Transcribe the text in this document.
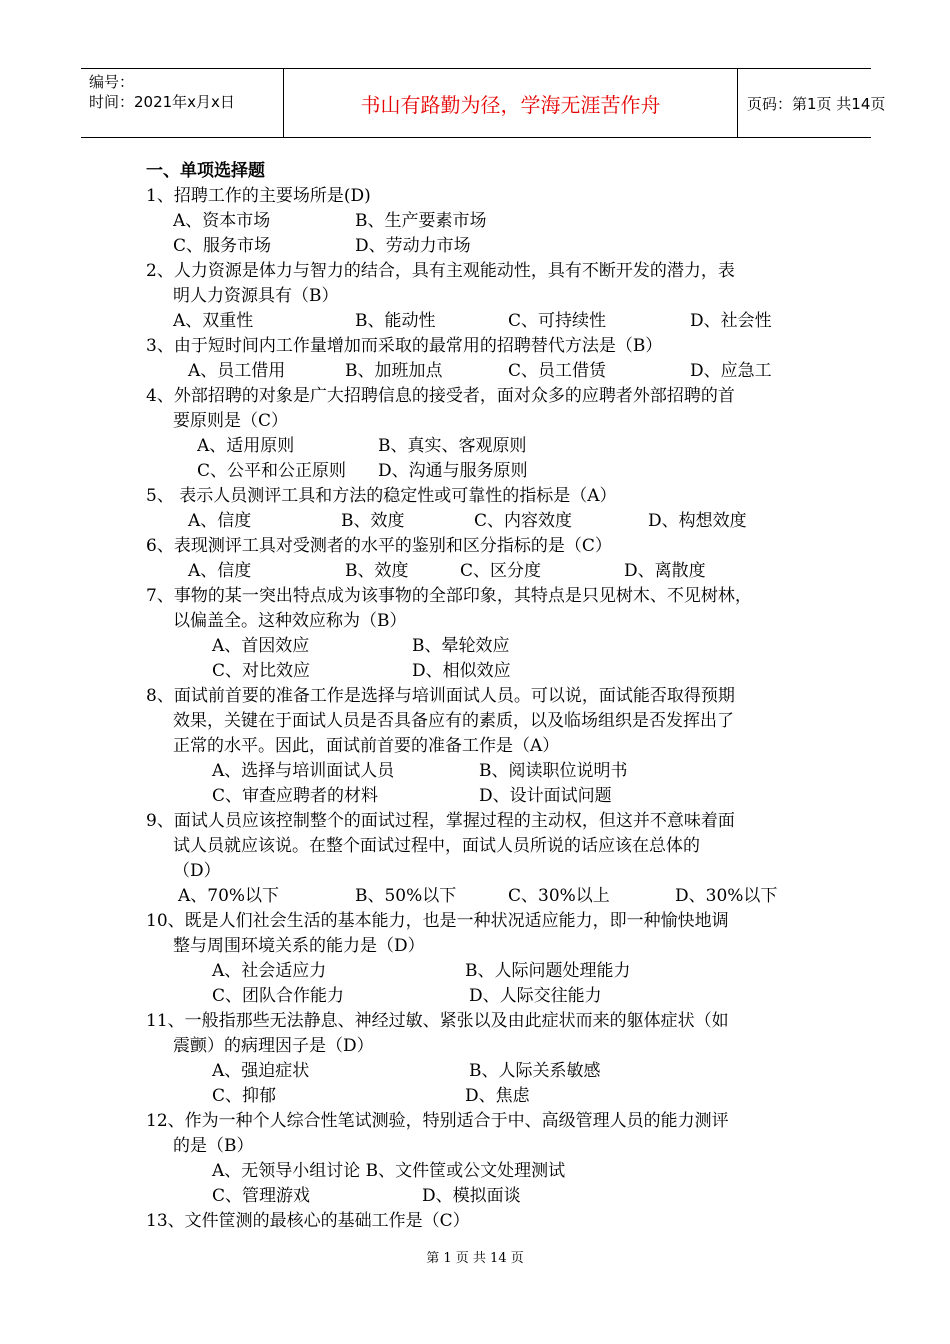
编号：
时间：2021年x月x日	书山有路勤为径，学海无涯苦作舟	页码：第1页 共14页
一、单项选择题
1、招聘工作的主要场所是(D)
A、资本市场	B、生产要素市场
C、服务市场	D、劳动力市场
2、人力资源是体力与智力的结合，具有主观能动性，具有不断开发的潜力，表
明人力资源具有（B）
A、双重性	B、能动性	C、可持续性	D、社会性
3、由于短时间内工作量增加而采取的最常用的招聘替代方法是（B）
A、员工借用	B、加班加点	C、员工借赁	D、应急工
4、外部招聘的对象是广大招聘信息的接受者，面对众多的应聘者外部招聘的首
要原则是（C）
A、适用原则	B、真实、客观原则
C、公平和公正原则 D、沟通与服务原则
5、 表示人员测评工具和方法的稳定性或可靠性的指标是（A）
A、信度	B、效度	C、内容效度	D、构想效度
6、表现测评工具对受测者的水平的鉴别和区分指标的是（C）
A、信度	B、效度	C、区分度	D、离散度
7、事物的某一突出特点成为该事物的全部印象，其特点是只见树木、不见树林，
以偏盖全。这种效应称为（B）
A、首因效应	B、晕轮效应
C、对比效应	D、相似效应
8、面试前首要的准备工作是选择与培训面试人员。可以说，面试能否取得预期
效果，关键在于面试人员是否具备应有的素质，以及临场组织是否发挥出了
正常的水平。因此，面试前首要的准备工作是（A）
A、选择与培训面试人员	B、阅读职位说明书
C、审查应聘者的材料	D、设计面试问题
9、面试人员应该控制整个的面试过程，掌握过程的主动权，但这并不意味着面
试人员就应该说。在整个面试过程中，面试人员所说的话应该在总体的
（D）
A、70%以下	B、50%以下	C、30%以上	D、30%以下
10、既是人们社会生活的基本能力，也是一种状况适应能力，即一种愉快地调
整与周围环境关系的能力是（D）
A、社会适应力	B、人际问题处理能力
C、团队合作能力	D、人际交往能力
11、一般指那些无法静息、神经过敏、紧张以及由此症状而来的躯体症状（如
震颤）的病理因子是（D）
A、强迫症状	B、人际关系敏感
C、抑郁	D、焦虑
12、作为一种个人综合性笔试测验，特别适合于中、高级管理人员的能力测评
的是（B）
A、无领导小组讨论 B、文件筐或公文处理测试
C、管理游戏	D、模拟面谈
13、文件筐测的最核心的基础工作是（C）
第 1 页 共 14 页
